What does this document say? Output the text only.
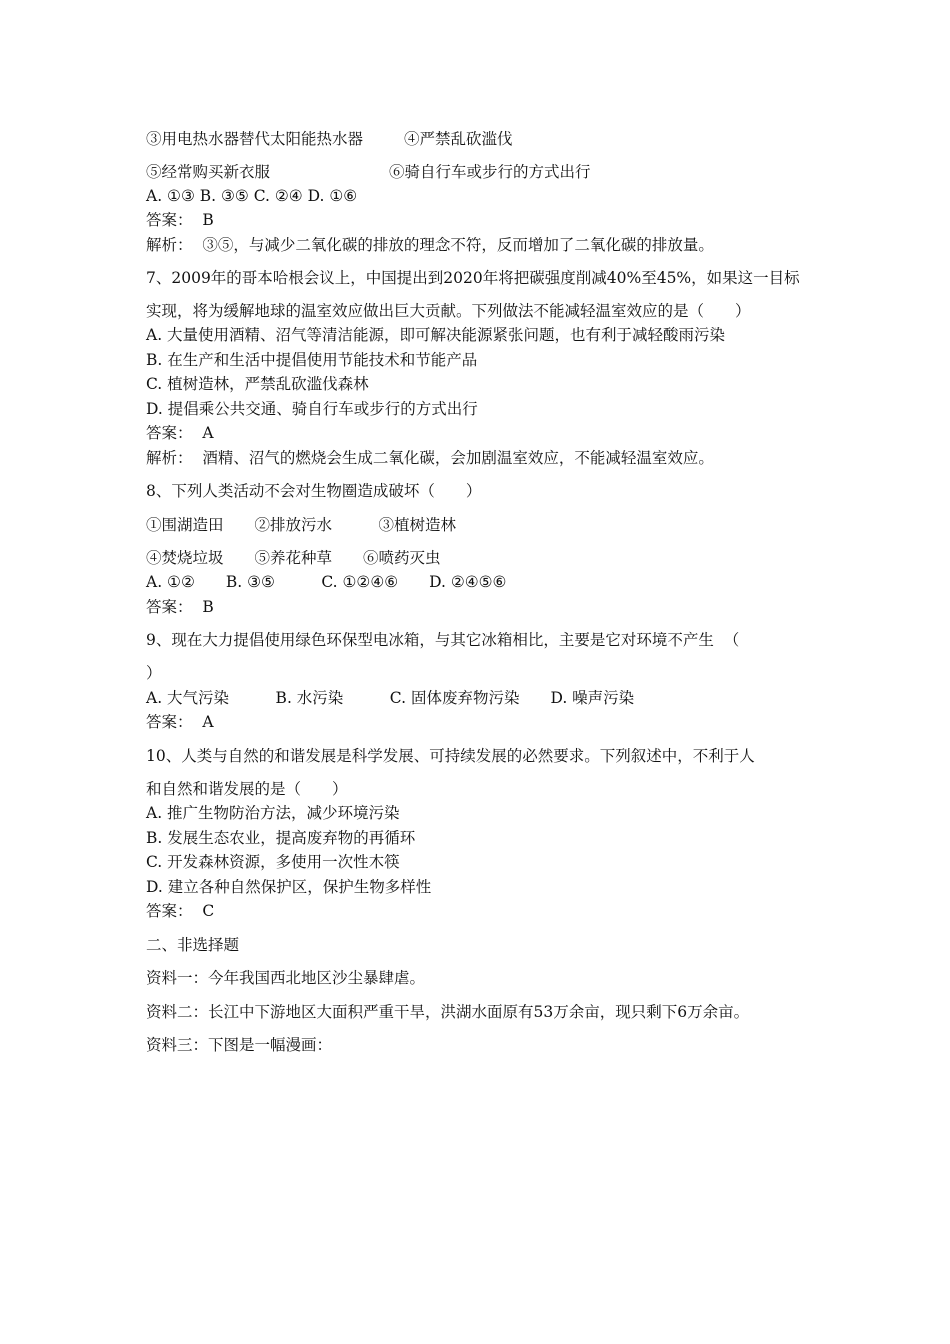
③用电热水器替代太阳能热水器	④严禁乱砍滥伐
⑤经常购买新衣服	⑥骑自行车或步行的方式出行
A. ①③ B. ③⑤ C. ②④ D. ①⑥
答案：  B
解析：  ③⑤，与减少二氧化碳的排放的理念不符，反而增加了二氧化碳的排放量。
7、2009年的哥本哈根会议上，中国提出到2020年将把碳强度削减40%至45%，如果这一目标
实现，将为缓解地球的温室效应做出巨大贡献。下列做法不能减轻温室效应的是（　　）
A. 大量使用酒精、沼气等清洁能源，即可解决能源紧张问题，也有利于减轻酸雨污染
B. 在生产和生活中提倡使用节能技术和节能产品
C. 植树造林，严禁乱砍滥伐森林
D. 提倡乘公共交通、骑自行车或步行的方式出行
答案：  A
解析：  酒精、沼气的燃烧会生成二氧化碳，会加剧温室效应，不能减轻温室效应。
8、下列人类活动不会对生物圈造成破坏（　　）
①围湖造田　　②排放污水　　　③植树造林
④焚烧垃圾　　⑤养花种草　　⑥喷药灭虫
A. ①②　　B. ③⑤　　　C. ①②④⑥　　D. ②④⑤⑥
答案：  B
9、现在大力提倡使用绿色环保型电冰箱，与其它冰箱相比，主要是它对环境不产生  （
）
A. 大气污染　　　B. 水污染　　　C. 固体废弃物污染　　D. 噪声污染
答案：  A
10、人类与自然的和谐发展是科学发展、可持续发展的必然要求。下列叙述中，不利于人
和自然和谐发展的是（　　）
A. 推广生物防治方法，减少环境污染
B. 发展生态农业，提高废弃物的再循环
C. 开发森林资源，多使用一次性木筷
D. 建立各种自然保护区，保护生物多样性
答案：  C
二、非选择题
资料一：今年我国西北地区沙尘暴肆虐。
资料二：长江中下游地区大面积严重干旱，洪湖水面原有53万余亩，现只剩下6万余亩。
资料三：下图是一幅漫画：
